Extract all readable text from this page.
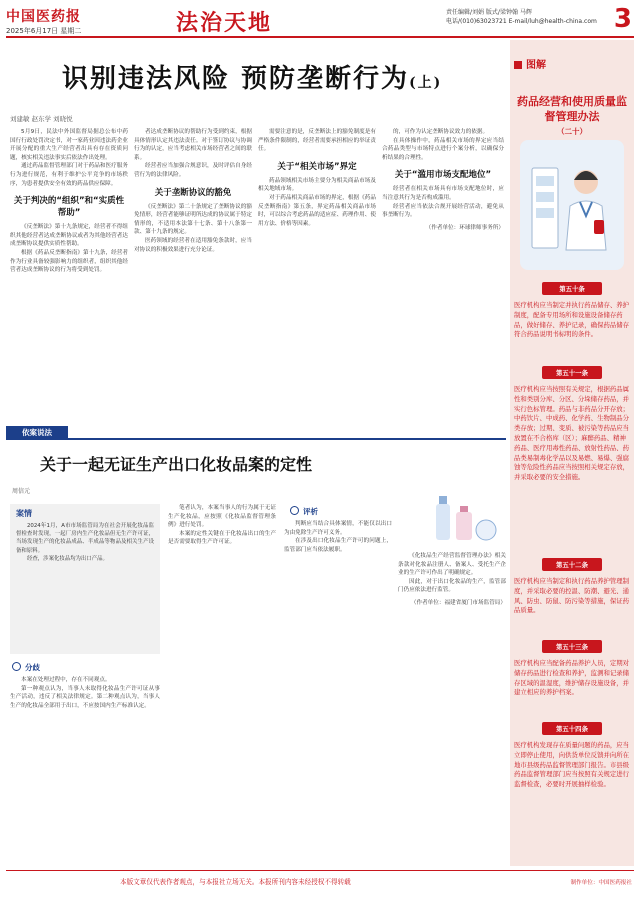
中国医药报
2025年6月17日 星期二	法治天地	责任编辑/刘娟 版式/梁钟翰 马辉
电话/(010)63023721 E-mail/luh@health-china.com 3
识别违法风险 预防垄断行为(上)
刘建敏 赵东学 刘晓悦

5月9日，民法中外国监督局据总公布中药国行行政处罚决定书，对一家药业因违法药企业开展分配的重大生产经营者出具有存在资质问题，核实相关违法事实后依法作出处理。

通过药品监督管理部门对于药品和医疗服务行为进行规范，有利于维护公平竞争的市场秩序，为患者提供安全有效的药品供应保障。

关于判决的“组织”和“实质性帮助”

《反垄断法》第十九条规定，经营者不得组织其他经营者达成垄断协议或者为其他经营者达成垄断协议提供实质性帮助。

根据《药品反垄断指南》第十九条，经营者作为行业具备较强影响力的组织者，组织其他经营者达成垄断协议的行为将受到处罚。

者达成垄断协议的帮助行为受到约束，根据具体情形认定其违法责任。对于签订协议与协调行为的认定，应当考虑相关市场经营者之间的联系。

经营者应当加强合规意识，及时评估自身经营行为的法律风险。

关于垄断协议的豁免

《反垄断法》第二十条规定了垄断协议的豁免情形，经营者能够证明所达成的协议属于特定情形的，不适用本法第十七条、第十八条第一款、第十九条的规定。

医药领域的经营者在适用豁免条款时，应当对协议的积极效果进行充分论证。

需要注意的是，反垄断法上的豁免制度是有严格条件限制的，经营者需要承担相应的举证责任。

关于“相关市场”界定

药品领域相关市场主要分为相关商品市场及相关地域市场。

对于药品相关商品市场的界定，根据《药品反垄断指南》第五条，界定药品相关商品市场时，可以综合考虑药品的适应症、药理作用、使用方法、价格等因素。

的，可作为认定垄断协议效力的依据。

在具体操作中，药品相关市场的界定应当结合药品类型与市场特点进行个案分析，以确保分析结果的合理性。

关于“滥用市场支配地位”

经营者在相关市场具有市场支配地位时，应当注意其行为是否构成滥用。

经营者应当依法合规开展经营活动，避免从事垄断行为。

（作者单位：环球律师事务所）

图解
药品经营和使用质量监督管理办法
（二十）
第五十条
医疗机构应当制定并执行药品储存、养护制度，配备专用场所和设施设备储存药品，做好储存、养护记录，确保药品储存符合药品说明书标明的条件。
第五十一条
医疗机构应当按照有关规定，根据药品属性和类别分库、分区、分垛储存药品，并实行色标管理。药品与非药品分开存放；中药饮片、中成药、化学药、生物制品分类存放；过期、变质、被污染等药品应当放置在不合格库（区）；麻醉药品、精神药品、医疗用毒性药品、放射性药品、药品类易制毒化学品以及易燃、易爆、强腐蚀等危险性药品应当按照相关规定存放，并采取必要的安全措施。
第五十二条
医疗机构应当制定和执行药品养护管理制度，并采取必要的控温、防潮、避光、通风、防虫、防鼠、防污染等措施，保证药品质量。
第五十三条
医疗机构应当配备药品养护人员，定期对储存药品进行检查和养护，监测和记录储存区域的温湿度，维护储存设施设备，并建立相应的养护档案。
第五十四条
医疗机构发现存在质量问题的药品，应当立即停止使用，向供货单位反馈并向所在地市县级药品监督管理部门报告。市县级药品监督管理部门应当按照有关规定进行监督检查，必要时开展抽样检验。
依案说法
关于一起无证生产出口化妆品案的定性
周信元
案情

2024年1月，A市市场监管局为在社会开展化妆品监督检查时发现，一起厂房内生产化妆品但无生产许可证，当场发现生产的化妆品成品、半成品等物品及相关生产设备和原料。

经查，涉案化妆品均为出口产品。

分歧

本案在处理过程中，存在不同观点。

第一种观点认为，当事人未取得化妆品生产许可证从事生产活动，违反了相关法律规定。第二种观点认为，当事人生产的化妆品全部用于出口，不应按国内生产标准认定。

笔者认为，本案当事人的行为属于无证生产化妆品，应按照《化妆品监督管理条例》进行处罚。

本案的定性关键在于化妆品出口的生产是否需要取得生产许可证。

评析

判断应当结合具体案情，不能仅以出口为由免除生产许可义务。

在涉及出口化妆品生产许可的问题上，监管部门应当依法履职。

《化妆品生产经营监督管理办法》相关条款对化妆品注册人、备案人、受托生产企业的生产许可作出了明确规定。

因此，对于出口化妆品的生产，监管部门仍应依法进行监管。

（作者单位：福建省厦门市场监管局）

本版文章仅代表作者观点，与本报社立场无关。本报所刊内容未经授权不得转载	制作单位：中国医药报社
